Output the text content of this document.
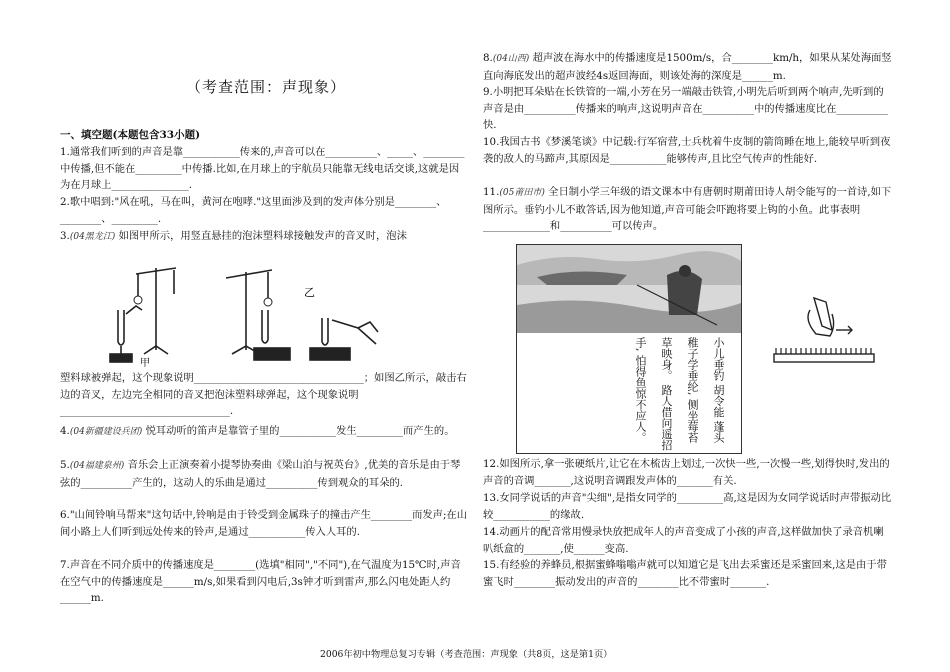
（考查范围：声现象）
一、填空题(本题包含33小题)
1.通常我们听到的声音是靠___________传来的,声音可以在__________、_____、________中传播,但不能在_________中传播.比如,在月球上的宇航员只能靠无线电话交谈,这就是因为在月球上_______________.
2.歌中唱到:"风在吼，马在叫，黄河在咆哮."这里面涉及到的发声体分别是________、________、_________.
3.(04黑龙江) 如图甲所示，用竖直悬挂的泡沫塑料球接触发声的音叉时，泡沫
甲
乙
塑料球被弹起，这个现象说明_________________________________；如图乙所示，敲击右边的音叉，左边完全相同的音叉把泡沫塑料球弹起，这个现象说明_________________________________.
4.(04新疆建设兵团) 悦耳动听的笛声是靠管子里的___________发生_________而产生的。
5.(04福建泉州) 音乐会上正演奏着小提琴协奏曲《梁山泊与祝英台》,优美的音乐是由于琴弦的__________产生的，这动人的乐曲是通过__________传到观众的耳朵的.
6."山间铃响马帮来"这句话中,铃响是由于铃受到金属珠子的撞击产生________而发声;在山间小路上人们听到远处传来的铃声,是通过___________传入人耳的.
7.声音在不同介质中的传播速度是________(选填"相同","不同"),在气温度为15℃时,声音在空气中的传播速度是______m/s,如果看到闪电后,3s钟才听到雷声,那么闪电处距人约______m.
8.(04山西) 超声波在海水中的传播速度是1500m/s，合________km/h，如果从某处海面竖直向海底发出的超声波经4s返回海面，则该处海的深度是______m.
9.小明把耳朵贴在长铁管的一端,小芳在另一端敲击铁管,小明先后听到两个响声,先听到的声音是由__________传播来的响声,这说明声音在__________中的传播速度比在__________快.
10.我国古书《梦溪笔谈》中记载:行军宿营,士兵枕着牛皮制的箭筒睡在地上,能较早听到夜袭的敌人的马蹄声,其原因是___________能够传声,且比空气传声的性能好.
11.(05莆田市) 全日制小学三年级的语文课本中有唐朝时期莆田诗人胡令能写的一首诗,如下图所示。垂钓小儿不敢答话,因为他知道,声音可能会吓跑将要上钩的小鱼。此事表明_____________和__________可以传声。
小儿垂钓 胡令能 蓬头稚子学垂纶, 侧坐莓苔草映身。 路人借问遥招手, 怕得鱼惊不应人。
12.如图所示,拿一张硬纸片,让它在木梳齿上划过,一次快一些,一次慢一些,划得快时,发出的声音的音调_______,这说明音调跟发声体的_______有关.
13.女同学说话的声音"尖细",是指女同学的_________高,这是因为女同学说话时声带振动比较___________的缘故.
14.动画片的配音常用慢录快放把成年人的声音变成了小孩的声音,这样做加快了录音机喇叭纸盒的_______,使______变高.
15.有经验的养蜂员,根据蜜蜂嗡嗡声就可以知道它是飞出去采蜜还是采蜜回来,这是由于带蜜飞时________振动发出的声音的________比不带蜜时_______.
2006年初中物理总复习专辑（考查范围：声现象（共8页，这是第1页）
